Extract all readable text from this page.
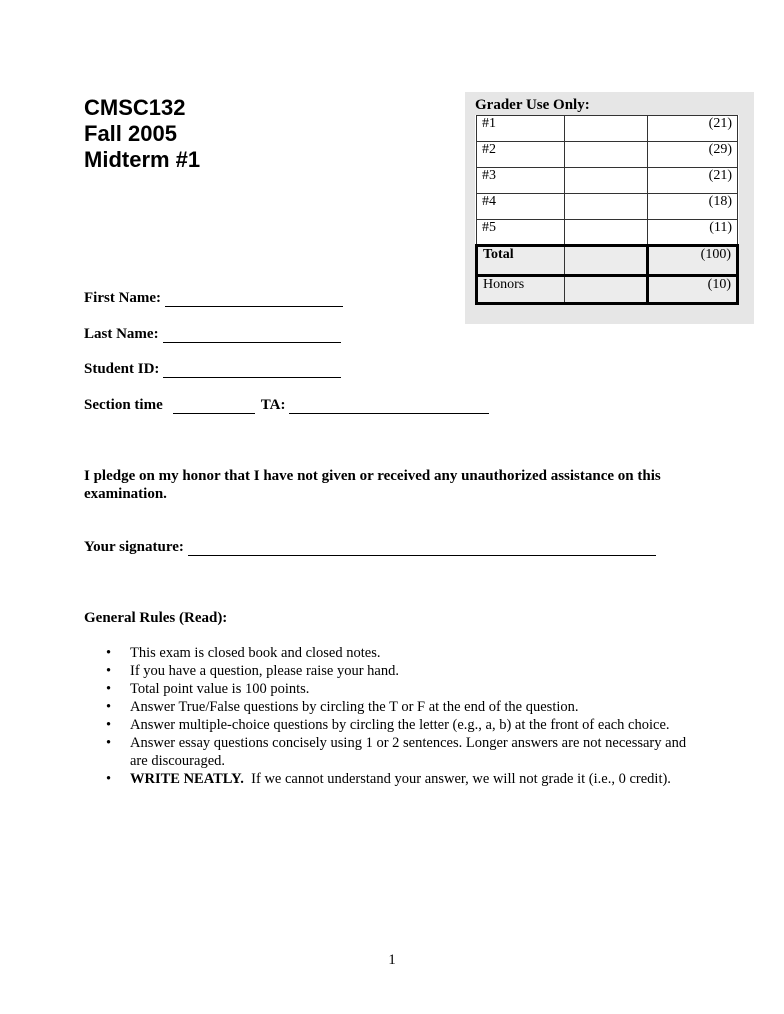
CMSC132
Fall 2005
Midterm #1
Grader Use Only:
#1		(21)
#2		(29)
#3		(21)
#4		(18)
#5		(11)
Total		(100)
Honors		(10)
First Name:
Last Name:
Student ID:
Section time	TA:
I pledge on my honor that I have not given or received any unauthorized assistance on this examination.
Your signature:
General Rules (Read):
• This exam is closed book and closed notes.
• If you have a question, please raise your hand.
• Total point value is 100 points.
• Answer True/False questions by circling the T or F at the end of the question.
• Answer multiple-choice questions by circling the letter (e.g., a, b) at the front of each choice.
• Answer essay questions concisely using 1 or 2 sentences. Longer answers are not necessary and are discouraged.
• WRITE NEATLY.  If we cannot understand your answer, we will not grade it (i.e., 0 credit).
1
